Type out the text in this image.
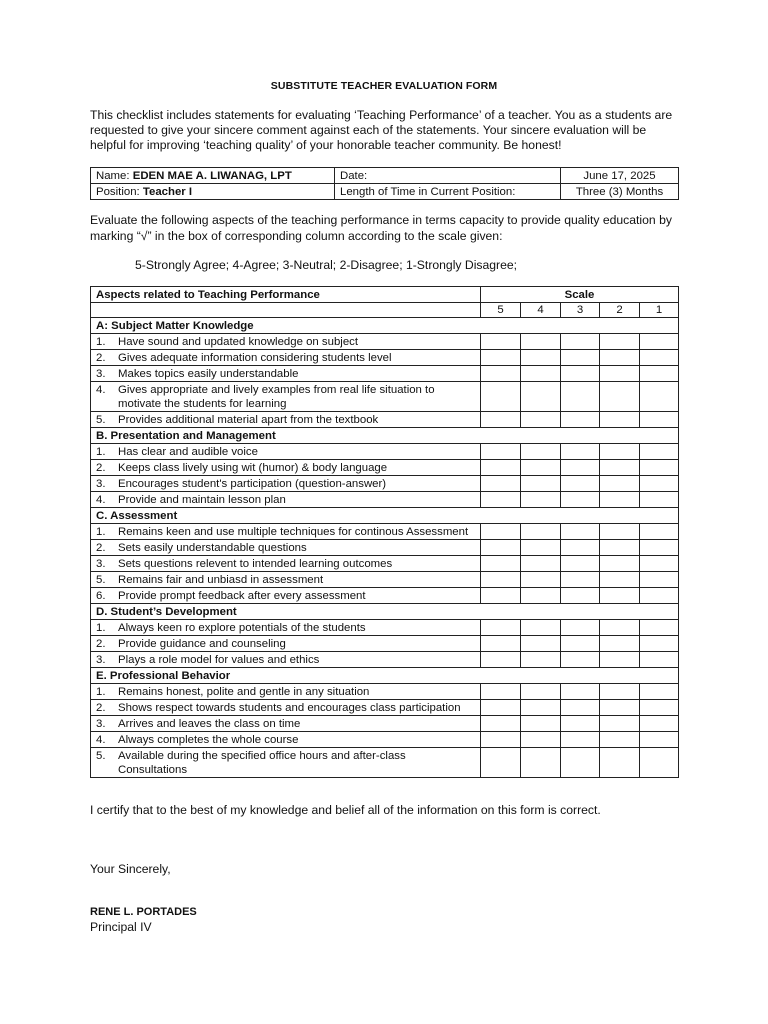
SUBSTITUTE TEACHER EVALUATION FORM
This checklist includes statements for evaluating ‘Teaching Performance’ of a teacher. You as a students are requested to give your sincere comment against each of the statements. Your sincere evaluation will be helpful for improving ‘teaching quality’ of your honorable teacher community. Be honest!
Name: EDEN MAE A. LIWANAG, LPT	Date:	June 17, 2025
Position: Teacher I	Length of Time in Current Position:	Three (3) Months
Evaluate the following aspects of the teaching performance in terms capacity to provide quality education by marking “√” in the box of corresponding column according to the scale given:
5-Strongly Agree; 4-Agree; 3-Neutral; 2-Disagree; 1-Strongly Disagree;
Aspects related to Teaching Performance	Scale				
	5	4	3	2	1
A: Subject Matter Knowledge					

1. Have sound and updated knowledge on subject					

2. Gives adequate information considering students level					

3. Makes topics easily understandable					

4. Gives appropriate and lively examples from real life situation to motivate the students for learning					

5. Provides additional material apart from the textbook					

B. Presentation and Management					

1. Has clear and audible voice					

2. Keeps class lively using wit (humor) & body language					

3. Encourages student's participation (question-answer)					

4. Provide and maintain lesson plan					

C. Assessment					

1. Remains keen and use multiple techniques for continous Assessment					

2. Sets easily understandable questions					

3. Sets questions relevent to intended learning outcomes					

5. Remains fair and unbiasd in assessment					

6. Provide prompt feedback after every assessment					

D. Student’s Development					

1. Always keen ro explore potentials of the students					

2. Provide guidance and counseling					

3. Plays a role model for values and ethics					

E. Professional Behavior					

1. Remains honest, polite and gentle in any situation					

2. Shows respect towards students and encourages class participation					

3. Arrives and leaves the class on time					

4. Always completes the whole course					

5. Available during the specified office hours and after-class Consultations					

I certify that to the best of my knowledge and belief all of the information on this form is correct.
Your Sincerely,
RENE L. PORTADES
Principal IV
